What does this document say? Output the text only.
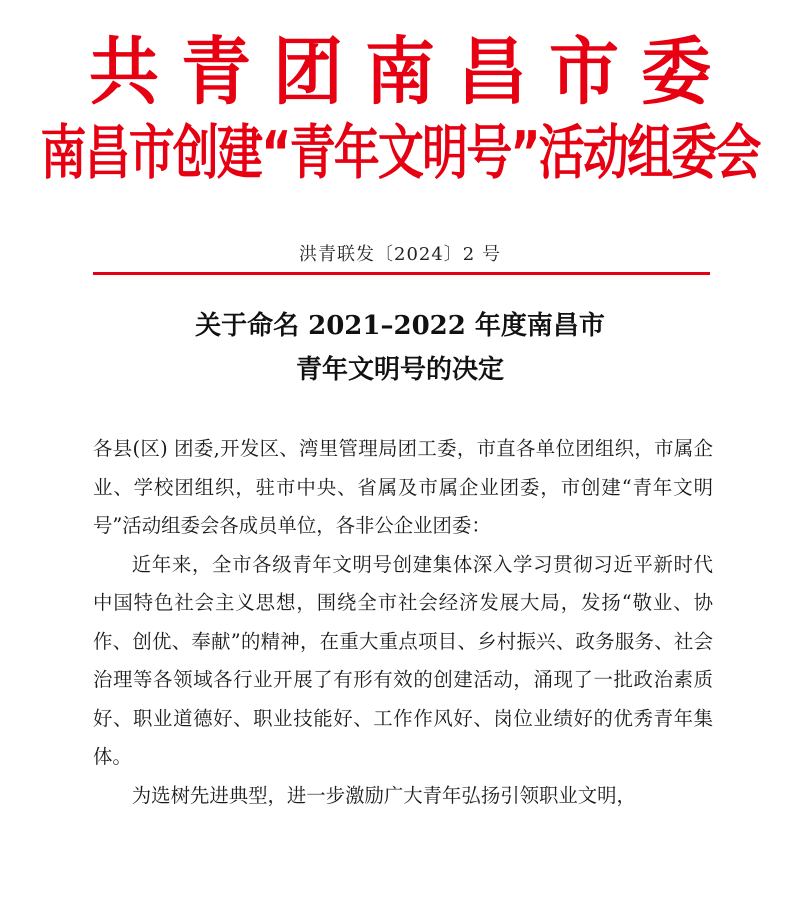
共青团南昌市委
南昌市创建“青年文明号”活动组委会
洪青联发〔2024〕2 号
关于命名 2021–2022 年度南昌市
青年文明号的决定

各县(区) 团委,开发区、湾里管理局团工委，市直各单位团组织，市属企业、学校团组织，驻市中央、省属及市属企业团委，市创建“青年文明号”活动组委会各成员单位，各非公企业团委：

近年来，全市各级青年文明号创建集体深入学习贯彻习近平新时代中国特色社会主义思想，围绕全市社会经济发展大局，发扬“敬业、协作、创优、奉献”的精神，在重大重点项目、乡村振兴、政务服务、社会治理等各领域各行业开展了有形有效的创建活动，涌现了一批政治素质好、职业道德好、职业技能好、工作作风好、岗位业绩好的优秀青年集体。

为选树先进典型，进一步激励广大青年弘扬引领职业文明，
